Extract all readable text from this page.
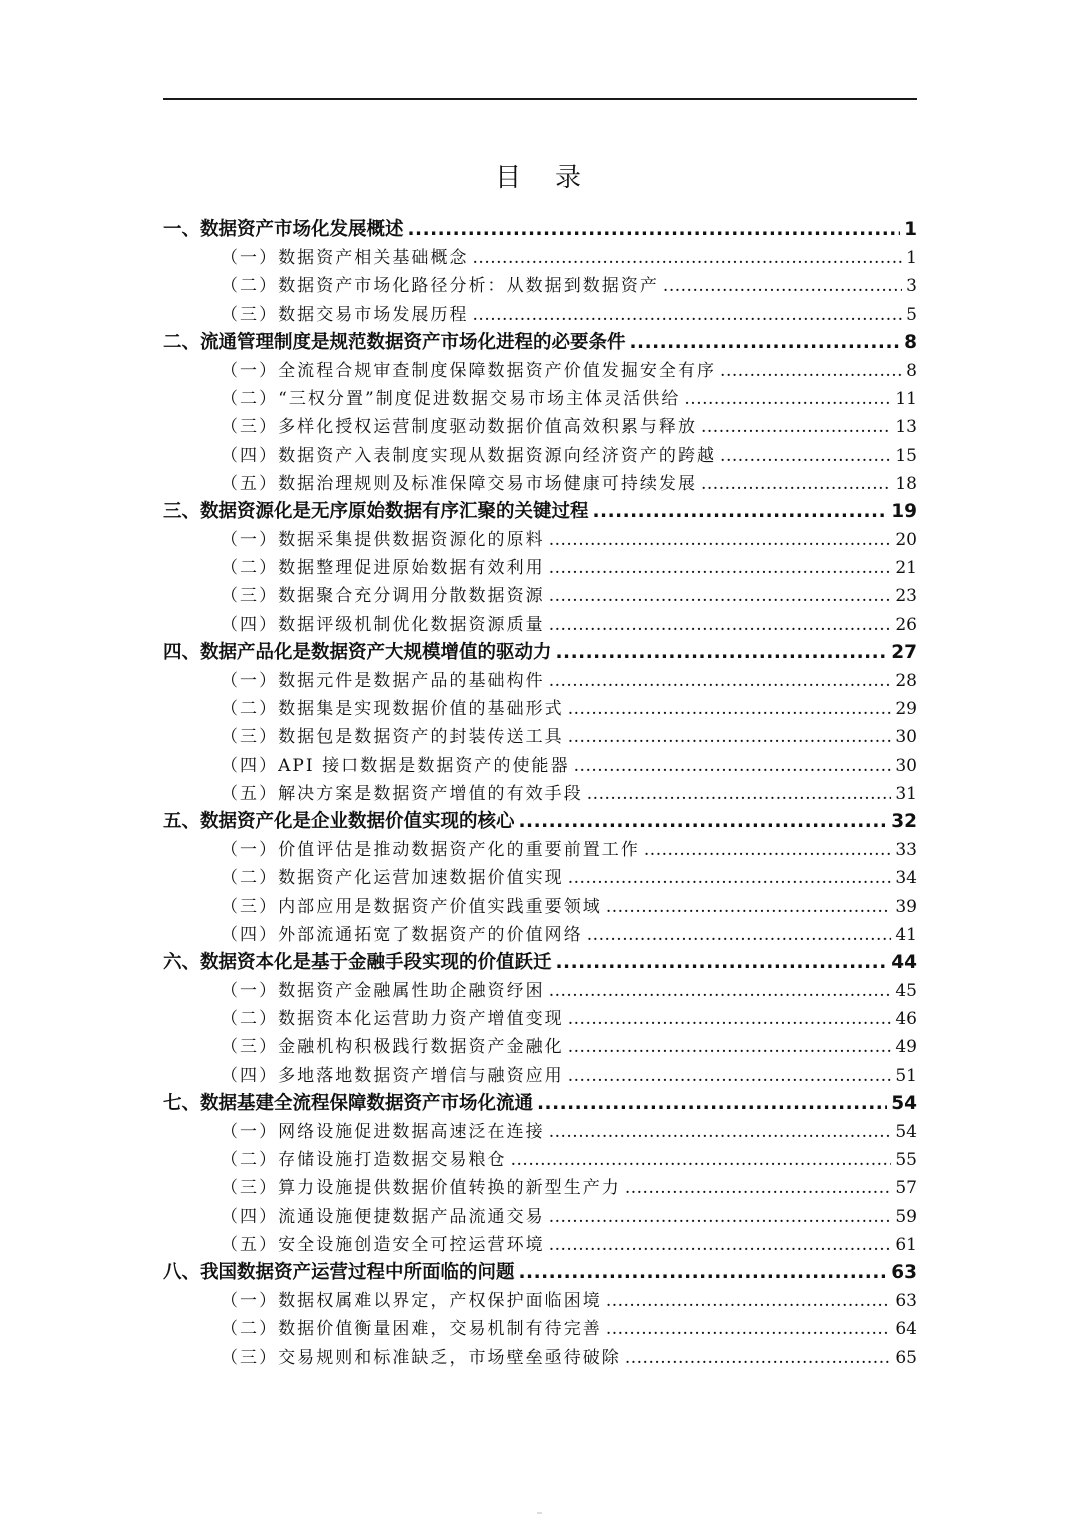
目　录
一、数据资产市场化发展概述 .....	1
（一）数据资产相关基础概念 .....	1
（二）数据资产市场化路径分析：从数据到数据资产 .....	3
（三）数据交易市场发展历程 .....	5
二、流通管理制度是规范数据资产市场化进程的必要条件 .....	8
（一）全流程合规审查制度保障数据资产价值发掘安全有序 .....	8
（二）“三权分置”制度促进数据交易市场主体灵活供给 .....	11
（三）多样化授权运营制度驱动数据价值高效积累与释放 .....	13
（四）数据资产入表制度实现从数据资源向经济资产的跨越 .....	15
（五）数据治理规则及标准保障交易市场健康可持续发展 .....	18
三、数据资源化是无序原始数据有序汇聚的关键过程 .....	19
（一）数据采集提供数据资源化的原料 .....	20
（二）数据整理促进原始数据有效利用 .....	21
（三）数据聚合充分调用分散数据资源 .....	23
（四）数据评级机制优化数据资源质量 .....	26
四、数据产品化是数据资产大规模增值的驱动力 .....	27
（一）数据元件是数据产品的基础构件 .....	28
（二）数据集是实现数据价值的基础形式 .....	29
（三）数据包是数据资产的封装传送工具 .....	30
（四）API 接口数据是数据资产的使能器 .....	30
（五）解决方案是数据资产增值的有效手段 .....	31
五、数据资产化是企业数据价值实现的核心 .....	32
（一）价值评估是推动数据资产化的重要前置工作 .....	33
（二）数据资产化运营加速数据价值实现 .....	34
（三）内部应用是数据资产价值实践重要领域 .....	39
（四）外部流通拓宽了数据资产的价值网络 .....	41
六、数据资本化是基于金融手段实现的价值跃迁 .....	44
（一）数据资产金融属性助企融资纾困 .....	45
（二）数据资本化运营助力资产增值变现 .....	46
（三）金融机构积极践行数据资产金融化 .....	49
（四）多地落地数据资产增信与融资应用 .....	51
七、数据基建全流程保障数据资产市场化流通 .....	54
（一）网络设施促进数据高速泛在连接 .....	54
（二）存储设施打造数据交易粮仓 .....	55
（三）算力设施提供数据价值转换的新型生产力 .....	57
（四）流通设施便捷数据产品流通交易 .....	59
（五）安全设施创造安全可控运营环境 .....	61
八、我国数据资产运营过程中所面临的问题 .....	63
（一）数据权属难以界定，产权保护面临困境 .....	63
（二）数据价值衡量困难，交易机制有待完善 .....	64
（三）交易规则和标准缺乏，市场壁垒亟待破除 .....	65
